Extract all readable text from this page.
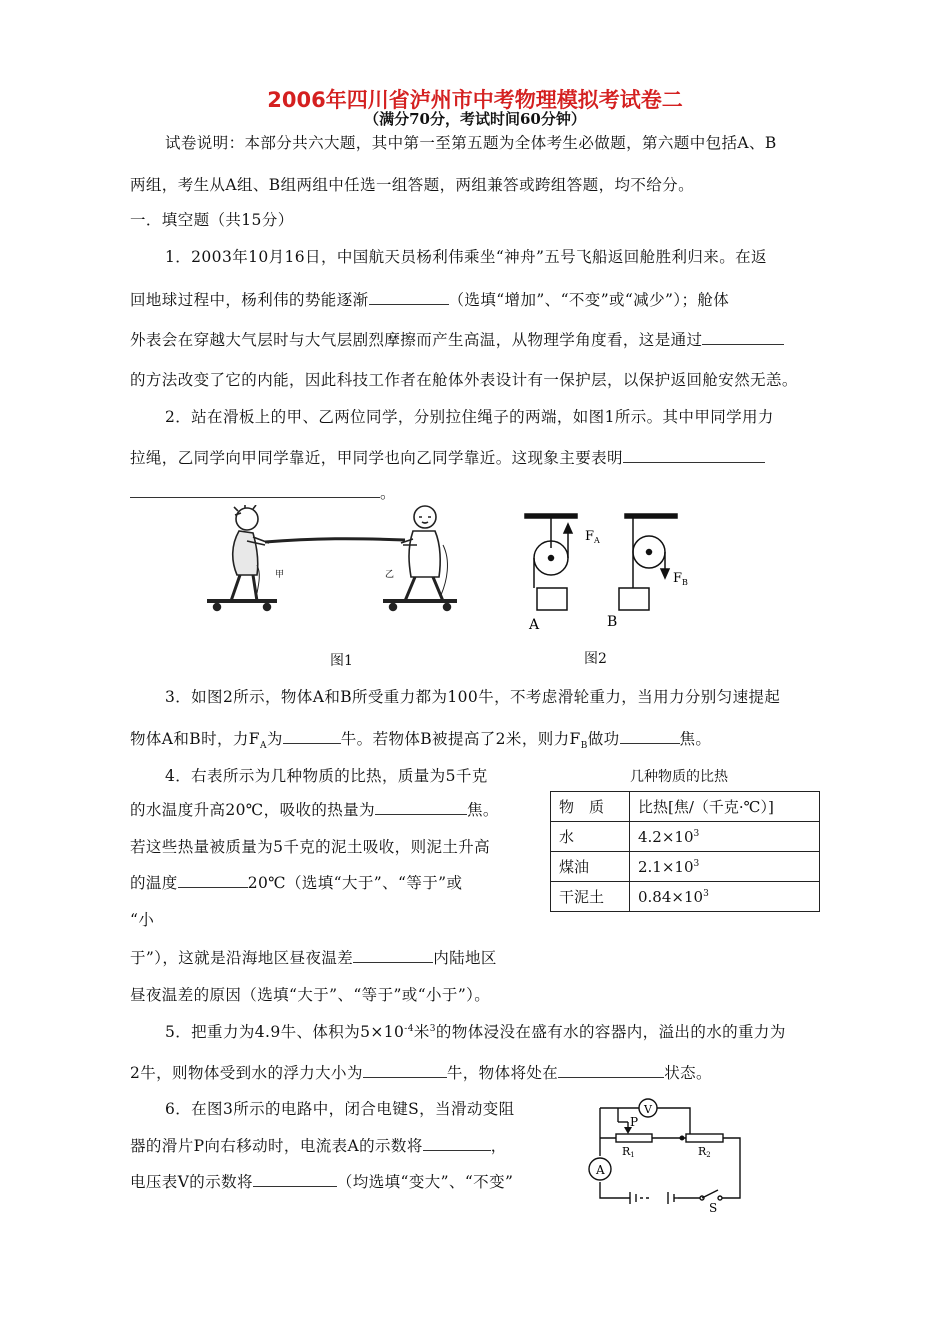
2006年四川省泸州市中考物理模拟考试卷二
（满分70分，考试时间60分钟）
试卷说明：本部分共六大题，其中第一至第五题为全体考生必做题，第六题中包括A、B
两组，考生从A组、B组两组中任选一组答题，两组兼答或跨组答题，均不给分。
一．填空题（共15分）
1．2003年10月16日，中国航天员杨利伟乘坐“神舟”五号飞船返回舱胜利归来。在返
回地球过程中，杨利伟的势能逐渐	（选填“增加”、“不变”或“减少”）；舱体
外表会在穿越大气层时与大气层剧烈摩擦而产生高温，从物理学角度看，这是通过
的方法改变了它的内能，因此科技工作者在舱体外表设计有一保护层，以保护返回舱安然无恙。
2．站在滑板上的甲、乙两位同学，分别拉住绳子的两端，如图1所示。其中甲同学用力
拉绳，乙同学向甲同学靠近，甲同学也向乙同学靠近。这现象主要表明
。
甲	乙
图1
$F_A$
A
$F_B$
B
图2
3．如图2所示，物体A和B所受重力都为100牛，不考虑滑轮重力，当用力分别匀速提起
物体A和B时，力$F_A$为	牛。若物体B被提高了2米，则力$F_B$做功	焦。
4．右表所示为几种物质的比热，质量为5千克
的水温度升高20℃，吸收的热量为	焦。
若这些热量被质量为5千克的泥土吸收，则泥土升高
的温度	20℃（选填“大于”、“等于”或
“小
于”），这就是沿海地区昼夜温差	内陆地区
昼夜温差的原因（选填“大于”、“等于”或“小于”）。
几种物质的比热
物　质	比热[焦/（千克·℃）]
水	$4.2\times 10^3$
煤油	$2.1\times 10^3$
干泥土	$0.84\times 10^3$
5．把重力为4.9牛、体积为$5\times 10^{-4}$米$^3$的物体浸没在盛有水的容器内，溢出的水的重力为
2牛，则物体受到水的浮力大小为	牛，物体将处在	状态。
6．在图3所示的电路中，闭合电键S，当滑动变阻
器的滑片P向右移动时，电流表A的示数将	，
电压表V的示数将	（均选填“变大”、“不变”
V
P
R1	R2
A
S
